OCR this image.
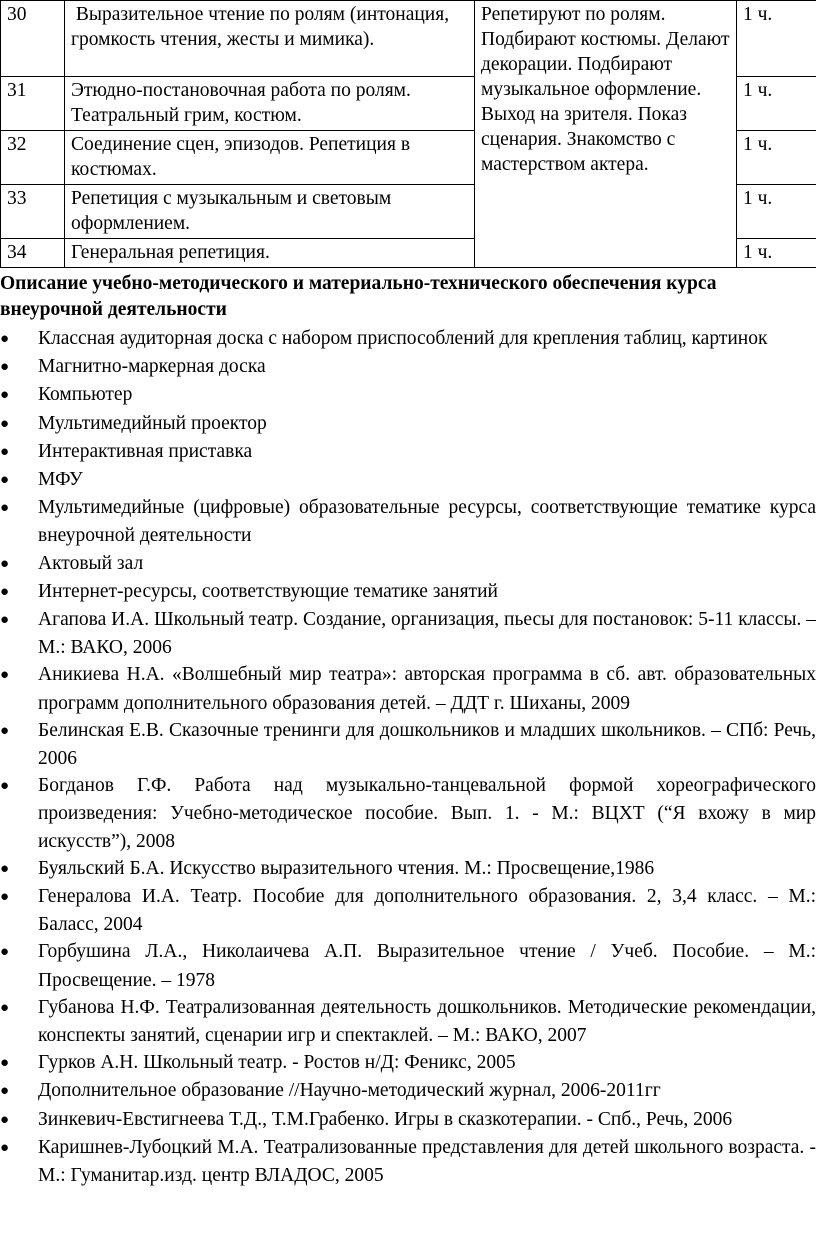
30	Выразительное чтение по ролям (интонация, громкость чтения, жесты и мимика).	Репетируют по ролям. Подбирают костюмы. Делают декорации. Подбирают музыкальное оформление. Выход на зрителя. Показ сценария. Знакомство с мастерством актера.	1 ч.
31	Этюдно-постановочная работа по ролям. Театральный грим, костюм.		1 ч.
32	Соединение сцен, эпизодов. Репетиция в костюмах.		1 ч.
33	Репетиция с музыкальным и световым оформлением.		1 ч.
34	Генеральная репетиция.		1 ч.
Описание учебно-методического и материально-технического обеспечения курса внеурочной деятельности
● Классная аудиторная доска с набором приспособлений для крепления таблиц, картинок
● Магнитно-маркерная доска
● Компьютер
● Мультимедийный проектор
● Интерактивная приставка
● МФУ
● Мультимедийные (цифровые) образовательные ресурсы, соответствующие тематике курса внеурочной деятельности
● Актовый зал
● Интернет-ресурсы, соответствующие тематике занятий
● Агапова И.А. Школьный театр. Создание, организация, пьесы для постановок: 5-11 классы. – М.: ВАКО, 2006
● Аникиева Н.А. «Волшебный мир театра»: авторская программа в сб. авт. образовательных программ дополнительного образования детей. – ДДТ г. Шиханы, 2009
● Белинская Е.В. Сказочные тренинги для дошкольников и младших школьников. – СПб: Речь, 2006
● Богданов Г.Ф. Работа над музыкально-танцевальной формой хореографического произведения: Учебно-методическое пособие. Вып. 1. - М.: ВЦХТ (“Я вхожу в мир искусств”), 2008
● Буяльский Б.А. Искусство выразительного чтения. М.: Просвещение,1986
● Генералова И.А. Театр. Пособие для дополнительного образования. 2, 3,4 класс. – М.: Баласс, 2004
● Горбушина Л.А., Николаичева А.П. Выразительное чтение / Учеб. Пособие. – М.: Просвещение. – 1978
● Губанова Н.Ф. Театрализованная деятельность дошкольников. Методические рекомендации, конспекты занятий, сценарии игр и спектаклей. – М.: ВАКО, 2007
● Гурков А.Н. Школьный театр. - Ростов н/Д: Феникс, 2005
● Дополнительное образование //Научно-методический журнал, 2006-2011гг
● Зинкевич-Евстигнеева Т.Д., Т.М.Грабенко. Игры в сказкотерапии. - Спб., Речь, 2006
● Каришнев-Лубоцкий М.А. Театрализованные представления для детей школьного возраста. - М.: Гуманитар.изд. центр ВЛАДОС, 2005
